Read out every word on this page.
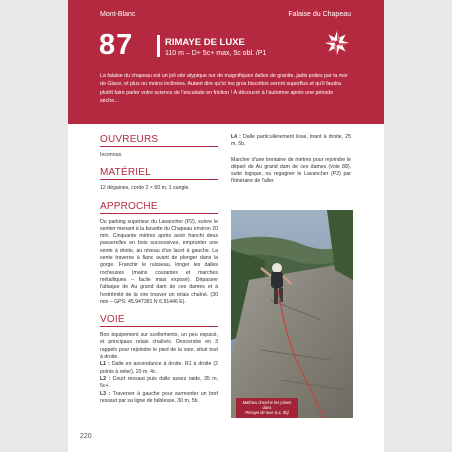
Mont-Blanc	Falaise du Chapeau
87	RIMAYE DE LUXE
110 m – D+ 5c+ max, 5c obl. /P1
La falaise du chapeau est un joli site atypique sur de magnifiques dalles de granite, jadis polies par la mer de Glace, et plus ou moins inclinées. Autant dire qu'ici les gros biscottos seront superflus et qu'il faudra plutôt faire parler votre science de l'escalade en friction ! À découvrir à l'automne après une période sèche…
OUVREURS
Inconnus.
MATÉRIEL
12 dégaines, corde 2 × 50 m, 1 sangle.
APPROCHE
Du parking supérieur du Lavancher (P2), suivre le sentier menant à la buvette du Chapeau environ 20 min. Cinquante mètres après avoir franchi deux passerelles en bois successives, emprunter une sente à droite, au niveau d'un lacet à gauche. La sente traverse à flanc avant de plonger dans la gorge. Franchir le ruisseau, longer les dalles rocheuses (mains courantes et marches métalliques – facile mais exposé). Dépasser l'attaque de Au grand dam de ces dames et à l'extrémité de la vire trouver un relais chaîné. (30 min – GPS: 45.947381 N 6.91446 E).
VOIE
Bon équipement sur scellements, un peu espacé, et principaux relais chaînés. Descendre en 3 rappels pour rejoindre le pied de la voie, situé tout à droite.
L1 : Dalle en ascendance à droite. R1 à droite (2 points à relier), 20 m, 4c.
L2 : Court ressaut puis dalle assez raide, 35 m, 5c+.
L3 : Traverser à gauche pour surmonter un bref ressaut par sa ligne de faiblesse, 30 m, 5b.
L4 : Dalle particulièrement lisse, tirant à droite, 25 m, 5b.
Marcher d'une trentaine de mètres pour rejoindre le départ de Au grand dam de ces dames (voie 88), suite logique, ou regagner le Lavancher (P2) par l'itinéraire de l'aller.
Mathieu cherche les prises dans
Rimaye de luxe (L4, 5b)
220
